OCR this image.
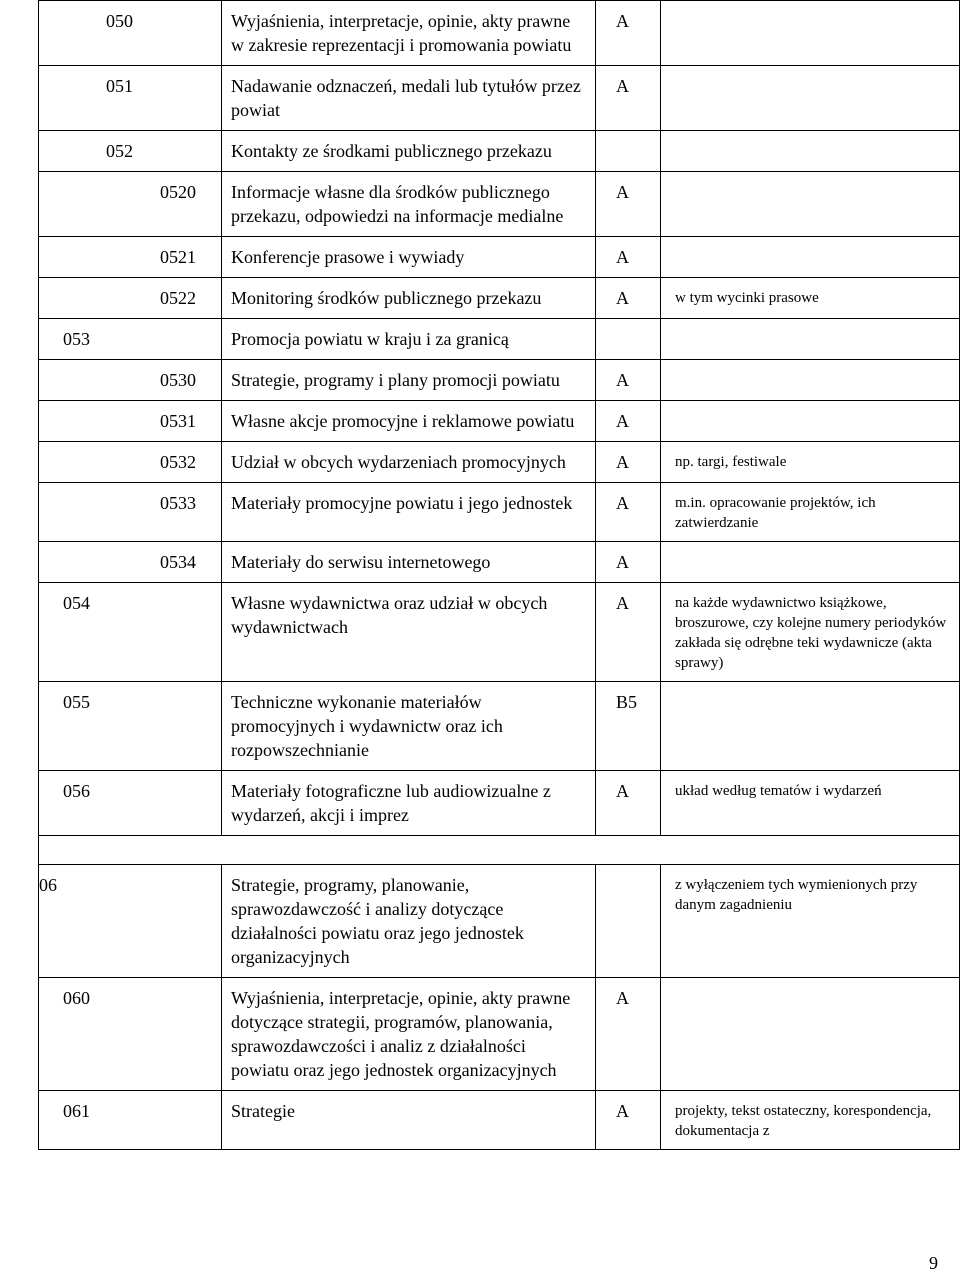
050	Wyjaśnienia, interpretacje, opinie, akty prawne w zakresie reprezentacji i promowania powiatu	A	

051	Nadawanie odznaczeń, medali lub tytułów przez powiat	A	

052	Kontakty ze środkami publicznego przekazu		

0520	Informacje własne dla środków publicznego przekazu, odpowiedzi na informacje medialne	A	

0521	Konferencje prasowe i wywiady	A	

0522	Monitoring środków publicznego przekazu	A	w tym wycinki prasowe

053	Promocja powiatu w kraju i za granicą		

0530	Strategie, programy i plany promocji powiatu	A	

0531	Własne akcje promocyjne i reklamowe powiatu	A	

0532	Udział w obcych wydarzeniach promocyjnych	A	np. targi, festiwale

0533	Materiały promocyjne powiatu i jego jednostek	A	m.in. opracowanie projektów, ich zatwierdzanie

0534	Materiały do serwisu internetowego	A	

054	Własne wydawnictwa oraz udział w obcych wydawnictwach	A	na każde wydawnictwo książkowe, broszurowe, czy kolejne numery periodyków zakłada się odrębne teki wydawnicze (akta sprawy)

055	Techniczne wykonanie materiałów promocyjnych i wydawnictw oraz ich rozpowszechnianie	B5	

056	Materiały fotograficzne lub audiowizualne z wydarzeń, akcji i imprez	A	układ według tematów i wydarzeń

06	Strategie, programy, planowanie, sprawozdawczość i analizy dotyczące działalności powiatu oraz jego jednostek organizacyjnych		z wyłączeniem tych wymienionych przy danym zagadnieniu

060	Wyjaśnienia, interpretacje, opinie, akty prawne dotyczące strategii, programów, planowania, sprawozdawczości i analiz z działalności powiatu oraz jego jednostek organizacyjnych	A	

061	Strategie	A	projekty, tekst ostateczny, korespondencja, dokumentacja z
9
